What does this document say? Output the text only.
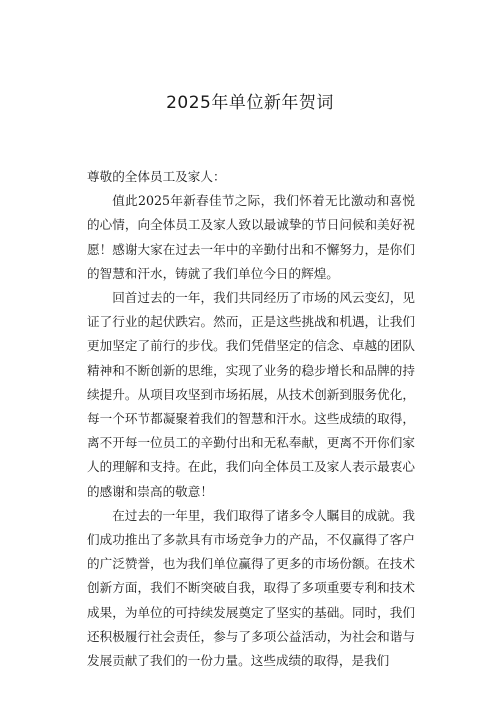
2025年单位新年贺词

尊敬的全体员工及家人：

值此2025年新春佳节之际，我们怀着无比激动和喜悦的心情，向全体员工及家人致以最诚挚的节日问候和美好祝愿！感谢大家在过去一年中的辛勤付出和不懈努力，是你们的智慧和汗水，铸就了我们单位今日的辉煌。

回首过去的一年，我们共同经历了市场的风云变幻，见证了行业的起伏跌宕。然而，正是这些挑战和机遇，让我们更加坚定了前行的步伐。我们凭借坚定的信念、卓越的团队精神和不断创新的思维，实现了业务的稳步增长和品牌的持续提升。从项目攻坚到市场拓展，从技术创新到服务优化，每一个环节都凝聚着我们的智慧和汗水。这些成绩的取得，离不开每一位员工的辛勤付出和无私奉献，更离不开你们家人的理解和支持。在此，我们向全体员工及家人表示最衷心的感谢和崇高的敬意！

在过去的一年里，我们取得了诸多令人瞩目的成就。我们成功推出了多款具有市场竞争力的产品，不仅赢得了客户的广泛赞誉，也为我们单位赢得了更多的市场份额。在技术创新方面，我们不断突破自我，取得了多项重要专利和技术成果，为单位的可持续发展奠定了坚实的基础。同时，我们还积极履行社会责任，参与了多项公益活动，为社会和谐与发展贡献了我们的一份力量。这些成绩的取得，是我们
